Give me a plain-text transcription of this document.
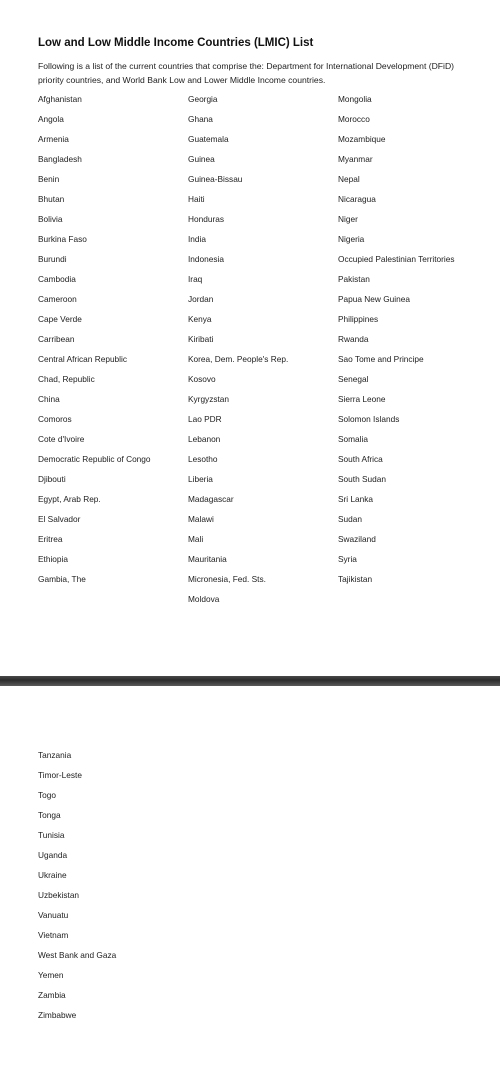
Low and Low Middle Income Countries (LMIC) List

Following is a list of the current countries that comprise the: Department for International Development (DFiD) priority countries, and World Bank Low and Lower Middle Income countries.

Afghanistan
Angola
Armenia
Bangladesh
Benin
Bhutan
Bolivia
Burkina Faso
Burundi
Cambodia
Cameroon
Cape Verde
Carribean
Central African Republic
Chad, Republic
China
Comoros
Cote d'Ivoire
Democratic Republic of Congo
Djibouti
Egypt, Arab Rep.
El Salvador
Eritrea
Ethiopia
Gambia, The
Georgia
Ghana
Guatemala
Guinea
Guinea-Bissau
Haiti
Honduras
India
Indonesia
Iraq
Jordan
Kenya
Kiribati
Korea, Dem. People's Rep.
Kosovo
Kyrgyzstan
Lao PDR
Lebanon
Lesotho
Liberia
Madagascar
Malawi
Mali
Mauritania
Micronesia, Fed. Sts.
Moldova
Mongolia
Morocco
Mozambique
Myanmar
Nepal
Nicaragua
Niger
Nigeria
Occupied Palestinian Territories
Pakistan
Papua New Guinea
Philippines
Rwanda
Sao Tome and Principe
Senegal
Sierra Leone
Solomon Islands
Somalia
South Africa
South Sudan
Sri Lanka
Sudan
Swaziland
Syria
Tajikistan
Tanzania
Timor-Leste
Togo
Tonga
Tunisia
Uganda
Ukraine
Uzbekistan
Vanuatu
Vietnam
West Bank and Gaza
Yemen
Zambia
Zimbabwe
